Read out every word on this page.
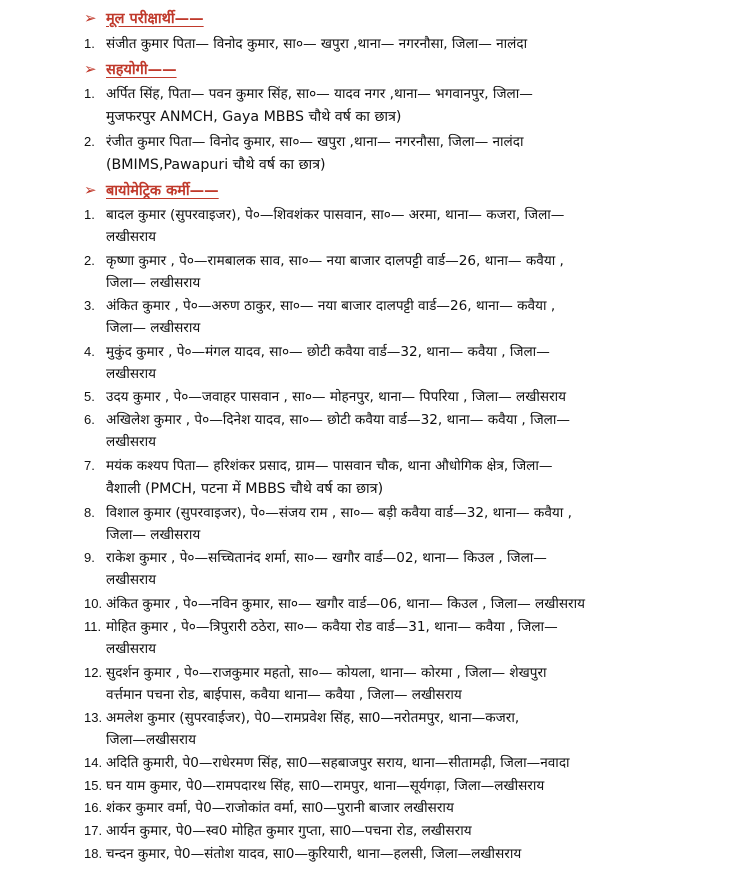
➢ मूल परीक्षार्थी——
1. संजीत कुमार पिता— विनोद कुमार, सा०— खपुरा ,थाना— नगरनौसा, जिला— नालंदा
➢ सहयोगी——
1. अर्पित सिंह, पिता— पवन कुमार सिंह, सा०— यादव नगर ,थाना— भगवानपुर, जिला—
मुजफरपुर ANMCH, Gaya MBBS चौथे वर्ष का छात्र)
2. रंजीत कुमार पिता— विनोद कुमार, सा०— खपुरा ,थाना— नगरनौसा, जिला— नालंदा
(BMIMS,Pawapuri चौथे वर्ष का छात्र)
➢ बायोमेट्रिक कर्मी——
1. बादल कुमार (सुपरवाइजर), पे०—शिवशंकर पासवान, सा०— अरमा, थाना— कजरा, जिला—
लखीसराय
2. कृष्णा कुमार , पे०—रामबालक साव, सा०— नया बाजार दालपट्टी वार्ड—26, थाना— कवैया ,
जिला— लखीसराय
3. अंकित कुमार , पे०—अरुण ठाकुर, सा०— नया बाजार दालपट्टी वार्ड—26, थाना— कवैया ,
जिला— लखीसराय
4. मुकुंद कुमार , पे०—मंगल यादव, सा०— छोटी कवैया वार्ड—32, थाना— कवैया , जिला—
लखीसराय
5. उदय कुमार , पे०—जवाहर पासवान , सा०— मोहनपुर, थाना— पिपरिया , जिला— लखीसराय
6. अखिलेश कुमार , पे०—दिनेश यादव, सा०— छोटी कवैया वार्ड—32, थाना— कवैया , जिला—
लखीसराय
7. मयंक कश्यप पिता— हरिशंकर प्रसाद, ग्राम— पासवान चौक, थाना औधोगिक क्षेत्र, जिला—
वैशाली (PMCH, पटना में MBBS चौथे वर्ष का छात्र)
8. विशाल कुमार (सुपरवाइजर), पे०—संजय राम , सा०— बड़ी कवैया वार्ड—32, थाना— कवैया ,
जिला— लखीसराय
9. राकेश कुमार , पे०—सच्चितानंद शर्मा, सा०— खगौर वार्ड—02, थाना— किउल , जिला—
लखीसराय
10. अंकित कुमार , पे०—नविन कुमार, सा०— खगौर वार्ड—06, थाना— किउल , जिला— लखीसराय
11. मोहित कुमार , पे०—त्रिपुरारी ठठेरा, सा०— कवैया रोड वार्ड—31, थाना— कवैया , जिला—
लखीसराय
12. सुदर्शन कुमार , पे०—राजकुमार महतो, सा०— कोयला, थाना— कोरमा , जिला— शेखपुरा
वर्त्तमान पचना रोड, बाईपास, कवैया थाना— कवैया , जिला— लखीसराय
13. अमलेश कुमार (सुपरवाईजर), पे0—रामप्रवेश सिंह, सा0—नरोतमपुर, थाना—कजरा,
जिला—लखीसराय
14. अदिति कुमारी, पे0—राधेरमण सिंह, सा0—सहबाजपुर सराय, थाना—सीतामढ़ी, जिला—नवादा
15. घन याम कुमार, पे0—रामपदारथ सिंह, सा0—रामपुर, थाना—सूर्यगढ़ा, जिला—लखीसराय
16. शंकर कुमार वर्मा, पे0—राजोकांत वर्मा, सा0—पुरानी बाजार लखीसराय
17. आर्यन कुमार, पे0—स्व0 मोहित कुमार गुप्ता, सा0—पचना रोड, लखीसराय
18. चन्दन कुमार, पे0—संतोश यादव, सा0—कुरियारी, थाना—हलसी, जिला—लखीसराय
